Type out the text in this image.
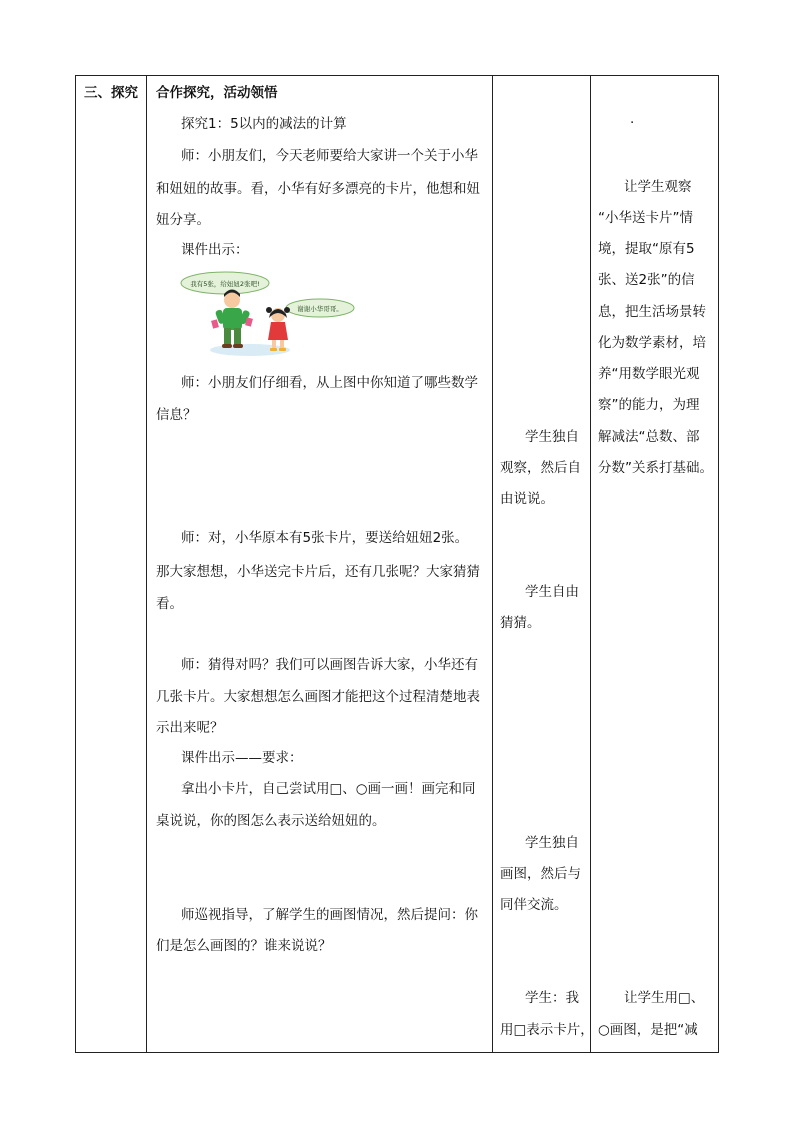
三、探究 合作探究，活动领悟
探究1：5以内的减法的计算
师：小朋友们，今天老师要给大家讲一个关于小华
和妞妞的故事。看，小华有好多漂亮的卡片，他想和妞
妞分享。
课件出示：
我有5张，给妞妞2张吧!
谢谢小华哥哥。
师：小朋友们仔细看，从上图中你知道了哪些数学
信息？
师：对，小华原本有5张卡片，要送给妞妞2张。
那大家想想，小华送完卡片后，还有几张呢？大家猜猜
看。
师：猜得对吗？我们可以画图告诉大家，小华还有
几张卡片。大家想想怎么画图才能把这个过程清楚地表
示出来呢？
课件出示——要求：
拿出小卡片，自己尝试用□、○画一画！画完和同
桌说说，你的图怎么表示送给妞妞的。
师巡视指导，了解学生的画图情况，然后提问：你
们是怎么画图的？谁来说说？
学生独自
观察，然后自
由说说。
学生自由
猜猜。
学生独自
画图，然后与
同伴交流。
学生：我
用□表示卡片，
·
让学生观察
“小华送卡片”情
境，提取“原有5
张、送2张”的信
息，把生活场景转
化为数学素材，培
养“用数学眼光观
察”的能力，为理
解减法“总数、部
分数”关系打基础。
让学生用□、
○画图，是把“减
